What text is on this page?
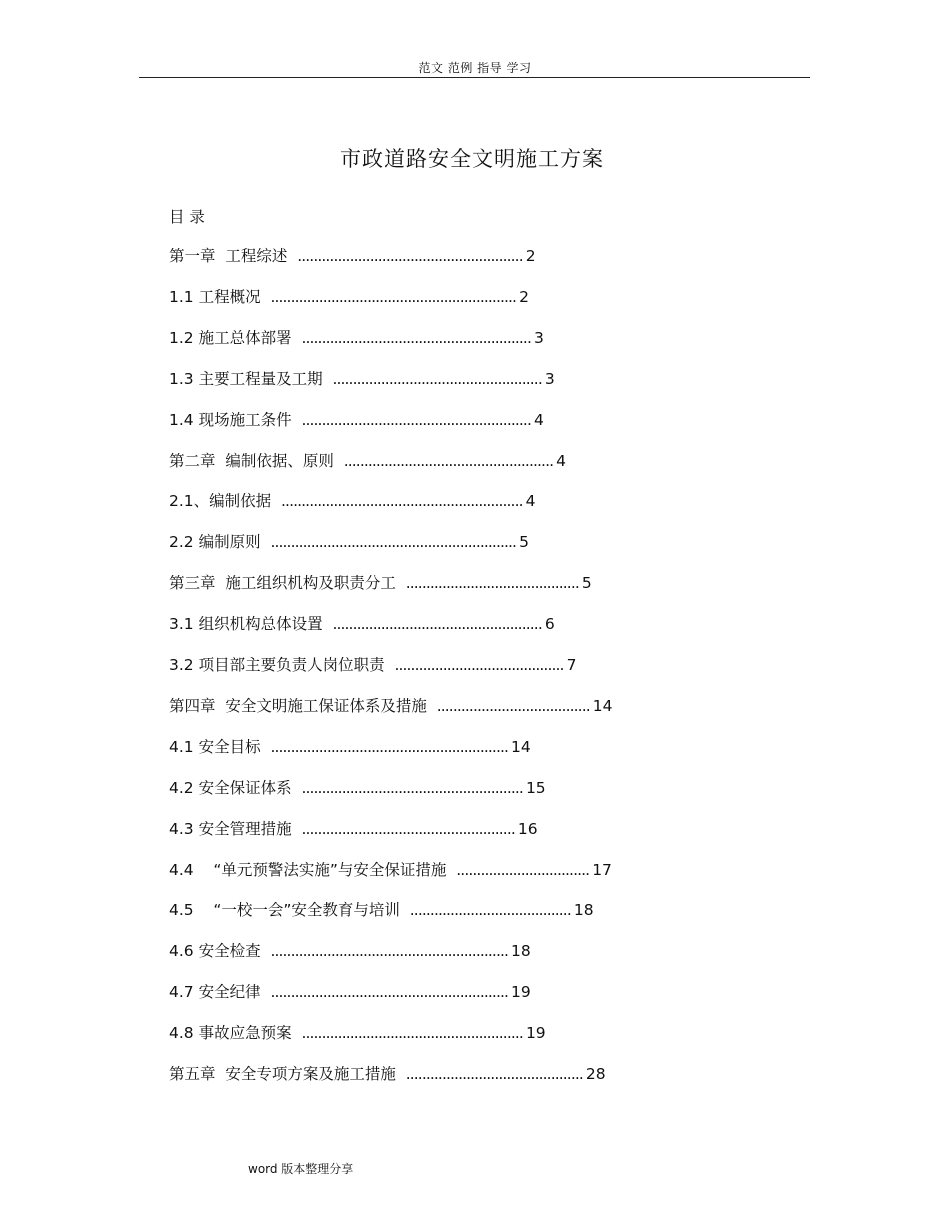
范文 范例 指导 学习
市政道路安全文明施工方案
目 录
第一章  工程综述 ........................................................ 2
1.1 工程概况 ............................................................. 2
1.2 施工总体部署 ......................................................... 3
1.3 主要工程量及工期 .................................................... 3
1.4 现场施工条件 ......................................................... 4
第二章  编制依据、原则 .................................................... 4
2.1、编制依据 ............................................................ 4
2.2 编制原则 ............................................................. 5
第三章  施工组织机构及职责分工 ........................................... 5
3.1 组织机构总体设置 .................................................... 6
3.2 项目部主要负责人岗位职责 .......................................... 7
第四章  安全文明施工保证体系及措施 ...................................... 14
4.1 安全目标 ........................................................... 14
4.2 安全保证体系 ....................................................... 15
4.3 安全管理措施 ..................................................... 16
4.4    “单元预警法实施”与安全保证措施 ................................. 17
4.5    “一校一会”安全教育与培训 ........................................ 18
4.6 安全检查 ........................................................... 18
4.7 安全纪律 ........................................................... 19
4.8 事故应急预案 ....................................................... 19
第五章  安全专项方案及施工措施 ............................................ 28
word 版本整理分享
